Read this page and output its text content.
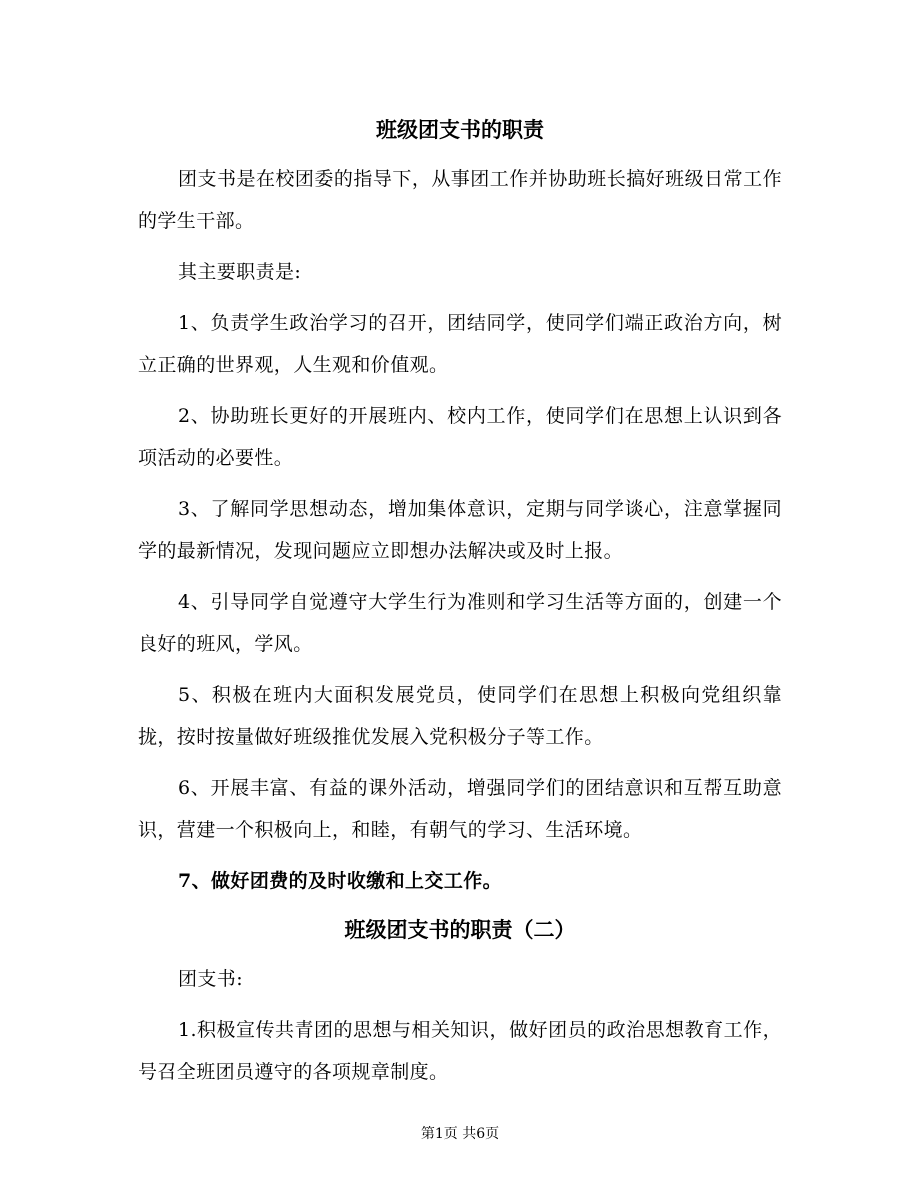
班级团支书的职责

团支书是在校团委的指导下，从事团工作并协助班长搞好班级日常工作的学生干部。

其主要职责是:

1、负责学生政治学习的召开，团结同学，使同学们端正政治方向，树立正确的世界观，人生观和价值观。

2、协助班长更好的开展班内、校内工作，使同学们在思想上认识到各项活动的必要性。

3、了解同学思想动态，增加集体意识，定期与同学谈心，注意掌握同学的最新情况，发现问题应立即想办法解决或及时上报。

4、引导同学自觉遵守大学生行为准则和学习生活等方面的，创建一个良好的班风，学风。

5、积极在班内大面积发展党员，使同学们在思想上积极向党组织靠拢，按时按量做好班级推优发展入党积极分子等工作。

6、开展丰富、有益的课外活动，增强同学们的团结意识和互帮互助意识，营建一个积极向上，和睦，有朝气的学习、生活环境。

7、做好团费的及时收缴和上交工作。

班级团支书的职责（二）

团支书:

1.积极宣传共青团的思想与相关知识，做好团员的政治思想教育工作，号召全班团员遵守的各项规章制度。

第1页 共6页
